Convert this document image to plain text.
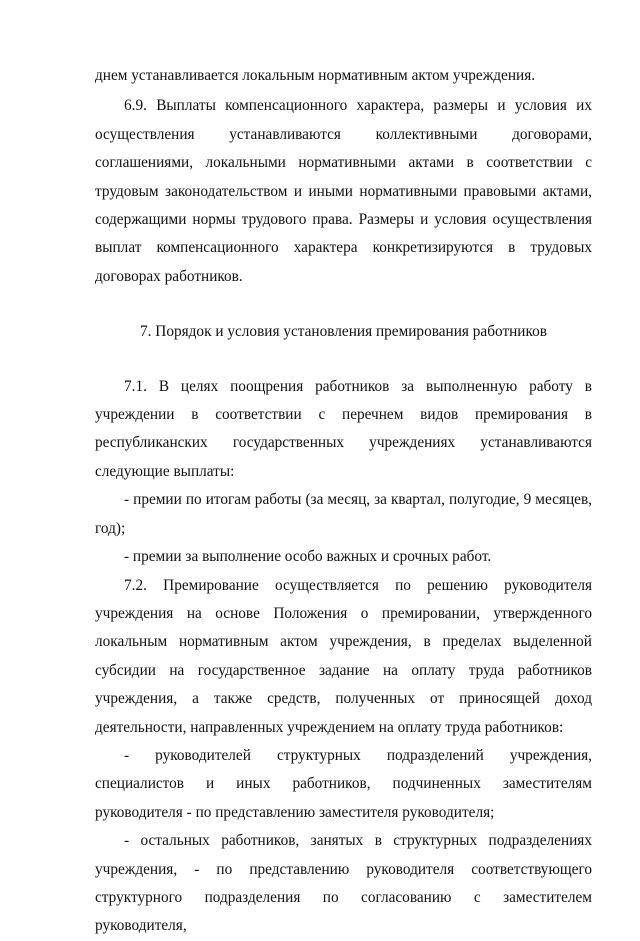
днем устанавливается локальным нормативным актом учреждения.

6.9. Выплаты компенсационного характера, размеры и условия их осуществления устанавливаются коллективными договорами, соглашениями, локальными нормативными актами в соответствии с трудовым законодательством и иными нормативными правовыми актами, содержащими нормы трудового права. Размеры и условия осуществления выплат компенсационного характера конкретизируются в трудовых договорах работников.

7. Порядок и условия установления премирования работников

7.1. В целях поощрения работников за выполненную работу в учреждении в соответствии с перечнем видов премирования в республиканских государственных учреждениях устанавливаются следующие выплаты:

- премии по итогам работы (за месяц, за квартал, полугодие, 9 месяцев, год);

- премии за выполнение особо важных и срочных работ.

7.2. Премирование осуществляется по решению руководителя учреждения на основе Положения о премировании, утвержденного локальным нормативным актом учреждения, в пределах выделенной субсидии на государственное задание на оплату труда работников учреждения, а также средств, полученных от приносящей доход деятельности, направленных учреждением на оплату труда работников:

- руководителей структурных подразделений учреждения, специалистов и иных работников, подчиненных заместителям руководителя - по представлению заместителя руководителя;

- остальных работников, занятых в структурных подразделениях учреждения, - по представлению руководителя соответствующего структурного подразделения по согласованию с заместителем руководителя,
